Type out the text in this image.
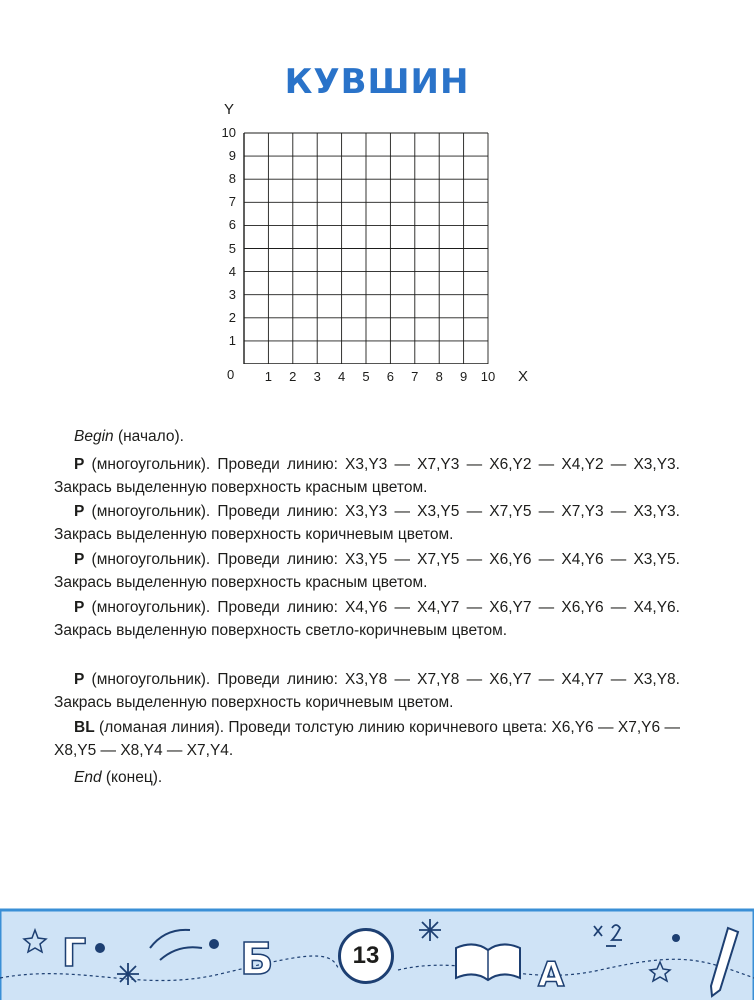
КУВШИН
Y
X
0
10
9
8
7
6
5
4
3
2
1
1	2	3	4	5	6	7	8	9	10

Begin (начало).

P (многоугольник). Проведи линию: X3,Y3 — X7,Y3 — X6,Y2 — X4,Y2 — X3,Y3. Закрась выделенную поверхность красным цветом.

P (многоугольник). Проведи линию: X3,Y3 — X3,Y5 — X7,Y5 — X7,Y3 — X3,Y3. Закрась выделенную поверхность коричневым цветом.

P (многоугольник). Проведи линию: X3,Y5 — X7,Y5 — X6,Y6 — X4,Y6 — X3,Y5. Закрась выделенную поверхность красным цветом.

P (многоугольник). Проведи линию: X4,Y6 — X4,Y7 — X6,Y7 — X6,Y6 — X4,Y6. Закрась выделенную поверхность светло-коричневым цветом.

P (многоугольник). Проведи линию: X3,Y8 — X7,Y8 — X6,Y7 — X4,Y7 — X3,Y8. Закрась выделенную поверхность коричневым цветом.

BL (ломаная линия). Проведи толстую линию коричневого цвета: X6,Y6 — X7,Y6 — X8,Y5 — X8,Y4 — X7,Y4.

End (конец).

Г	Б	А
13
